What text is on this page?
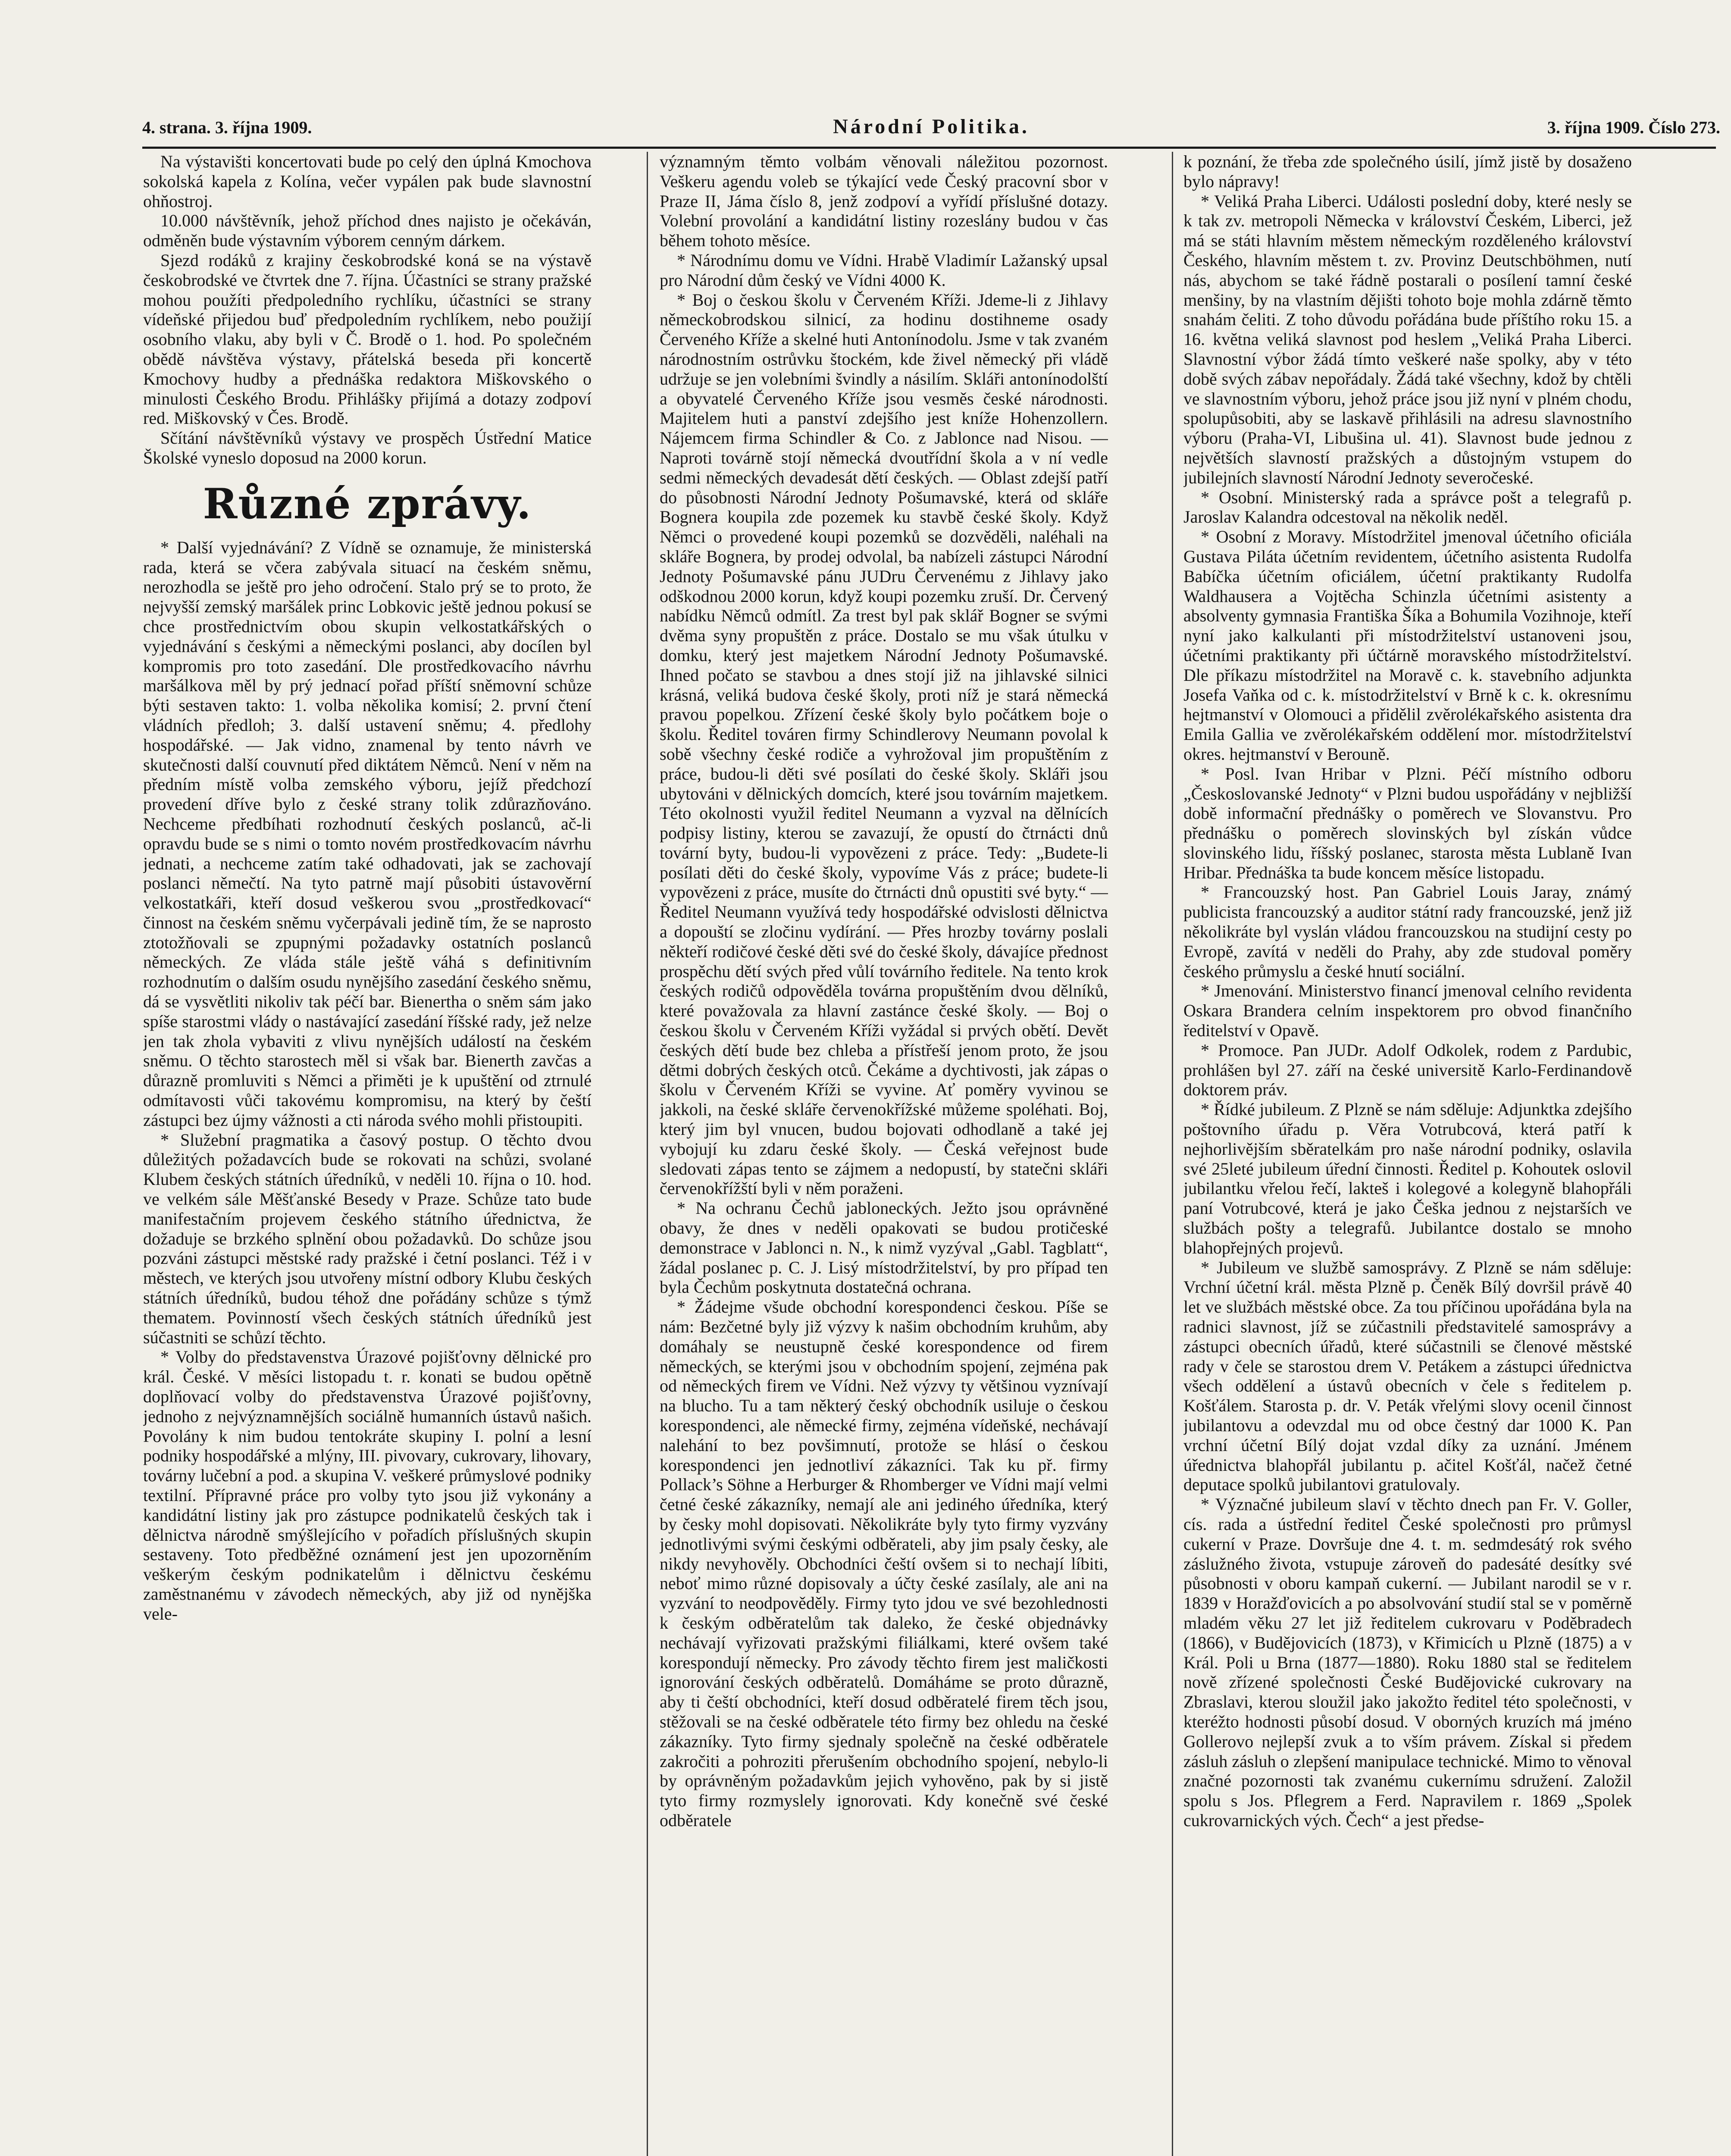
4. strana. 3. října 1909.	Národní Politika.	3. října 1909. Číslo 273.

Na výstavišti koncertovati bude po celý den úplná Kmochova sokolská kapela z Kolína, večer vypálen pak bude slavnostní ohňostroj.

10.000 návštěvník, jehož příchod dnes najisto je očekáván, odměněn bude výstavním výborem cenným dárkem.

Sjezd rodáků z krajiny českobrodské koná se na výstavě českobrodské ve čtvrtek dne 7. října. Účastníci se strany pražské mohou použíti předpoledního rychlíku, účastníci se strany vídeňské přijedou buď předpoledním rychlíkem, nebo použijí osobního vlaku, aby byli v Č. Brodě o 1. hod. Po společném obědě návštěva výstavy, přátelská beseda při koncertě Kmochovy hudby a přednáška redaktora Miškovského o minulosti Českého Brodu. Přihlášky přijímá a dotazy zodpoví red. Miškovský v Čes. Brodě.

Sčítání návštěvníků výstavy ve prospěch Ústřední Matice Školské vyneslo doposud na 2000 korun.

Různé zprávy.

* Další vyjednávání? Z Vídně se oznamuje, že ministerská rada, která se včera zabývala situací na českém sněmu, nerozhodla se ještě pro jeho odročení. Stalo prý se to proto, že nejvyšší zemský maršálek princ Lobkovic ještě jednou pokusí se chce prostřednictvím obou skupin velkostatkářských o vyjednávání s českými a německými poslanci, aby docílen byl kompromis pro toto zasedání. Dle prostředkovacího návrhu maršálkova měl by prý jednací pořad příští sněmovní schůze býti sestaven takto: 1. volba několika komisí; 2. první čtení vládních předloh; 3. další ustavení sněmu; 4. předlohy hospodářské. — Jak vidno, znamenal by tento návrh ve skutečnosti další couvnutí před diktátem Němců. Není v něm na předním místě volba zemského výboru, jejíž předchozí provedení dříve bylo z české strany tolik zdůrazňováno. Nechceme předbíhati rozhodnutí českých poslanců, ač-li opravdu bude se s nimi o tomto novém prostředkovacím návrhu jednati, a nechceme zatím také odhadovati, jak se zachovají poslanci němečtí. Na tyto patrně mají působiti ústavověrní velkostatkáři, kteří dosud veškerou svou „prostředkovací“ činnost na českém sněmu vyčerpávali jedině tím, že se naprosto ztotožňovali se zpupnými požadavky ostatních poslanců německých. Ze vláda stále ještě váhá s definitivním rozhodnutím o dalším osudu nynějšího zasedání českého sněmu, dá se vysvětliti nikoliv tak péčí bar. Bienertha o sněm sám jako spíše starostmi vlády o nastávající zasedání říšské rady, jež nelze jen tak zhola vybaviti z vlivu nynějších událostí na českém sněmu. O těchto starostech měl si však bar. Bienerth zavčas a důrazně promluviti s Němci a přiměti je k upuštění od ztrnulé odmítavosti vůči takovému kompromisu, na který by čeští zástupci bez újmy vážnosti a cti národa svého mohli přistoupiti.

* Služební pragmatika a časový postup. O těchto dvou důležitých požadavcích bude se rokovati na schůzi, svolané Klubem českých státních úředníků, v neděli 10. října o 10. hod. ve velkém sále Měšťanské Besedy v Praze. Schůze tato bude manifestačním projevem českého státního úřednictva, že dožaduje se brzkého splnění obou požadavků. Do schůze jsou pozváni zástupci městské rady pražské i četní poslanci. Též i v městech, ve kterých jsou utvořeny místní odbory Klubu českých státních úředníků, budou téhož dne pořádány schůze s týmž thematem. Povinností všech českých státních úředníků jest súčastniti se schůzí těchto.

* Volby do představenstva Úrazové pojišťovny dělnické pro král. České. V měsíci listopadu t. r. konati se budou opětně doplňovací volby do představenstva Úrazové pojišťovny, jednoho z nejvýznamnějších sociálně humanních ústavů našich. Povolány k nim budou tentokráte skupiny I. polní a lesní podniky hospodářské a mlýny, III. pivovary, cukrovary, lihovary, továrny lučební a pod. a skupina V. veškeré průmyslové podniky textilní. Přípravné práce pro volby tyto jsou již vykonány a kandidátní listiny jak pro zástupce podnikatelů českých tak i dělnictva národně smýšlejícího v pořadích příslušných skupin sestaveny. Toto předběžné oznámení jest jen upozorněním veškerým českým podnikatelům i dělnictvu českému zaměstnanému v závodech německých, aby již od nynějška vele-

významným těmto volbám věnovali náležitou pozornost. Veškeru agendu voleb se týkající vede Český pracovní sbor v Praze II, Jáma číslo 8, jenž zodpoví a vyřídí příslušné dotazy. Volební provolání a kandidátní listiny rozeslány budou v čas během tohoto měsíce.

* Národnímu domu ve Vídni. Hrabě Vladimír Lažanský upsal pro Národní dům český ve Vídni 4000 K.

* Boj o českou školu v Červeném Kříži. Jdeme-li z Jihlavy německobrodskou silnicí, za hodinu dostihneme osady Červeného Kříže a skelné huti Antonínodolu. Jsme v tak zvaném národnostním ostrůvku štockém, kde živel německý při vládě udržuje se jen volebními švindly a násilím. Skláři antonínodolští a obyvatelé Červeného Kříže jsou vesměs české národnosti. Majitelem huti a panství zdejšího jest kníže Hohenzollern. Nájemcem firma Schindler & Co. z Jablonce nad Nisou. — Naproti továrně stojí německá dvoutřídní škola a v ní vedle sedmi německých devadesát dětí českých. — Oblast zdejší patří do působnosti Národní Jednoty Pošumavské, která od skláře Bognera koupila zde pozemek ku stavbě české školy. Když Němci o provedené koupi pozemků se dozvěděli, naléhali na skláře Bognera, by prodej odvolal, ba nabízeli zástupci Národní Jednoty Pošumavské pánu JUDru Červenému z Jihlavy jako odškodnou 2000 korun, když koupi pozemku zruší. Dr. Červený nabídku Němců odmítl. Za trest byl pak sklář Bogner se svými dvěma syny propuštěn z práce. Dostalo se mu však útulku v domku, který jest majetkem Národní Jednoty Pošumavské. Ihned počato se stavbou a dnes stojí již na jihlavské silnici krásná, veliká budova české školy, proti níž je stará německá pravou popelkou. Zřízení české školy bylo počátkem boje o školu. Ředitel továren firmy Schindlerovy Neumann povolal k sobě všechny české rodiče a vyhrožoval jim propuštěním z práce, budou-li děti své posílati do české školy. Skláři jsou ubytováni v dělnických domcích, které jsou továrním majetkem. Této okolnosti využil ředitel Neumann a vyzval na dělnících podpisy listiny, kterou se zavazují, že opustí do čtrnácti dnů tovární byty, budou-li vypovězeni z práce. Tedy: „Budete-li posílati děti do české školy, vypovíme Vás z práce; budete-li vypovězeni z práce, musíte do čtrnácti dnů opustiti své byty.“ — Ředitel Neumann využívá tedy hospodářské odvislosti dělnictva a dopouští se zločinu vydírání. — Přes hrozby továrny poslali někteří rodičové české děti své do české školy, dávajíce přednost prospěchu dětí svých před vůlí továrního ředitele. Na tento krok českých rodičů odpověděla továrna propuštěním dvou dělníků, které považovala za hlavní zastánce české školy. — Boj o českou školu v Červeném Kříži vyžádal si prvých obětí. Devět českých dětí bude bez chleba a přístřeší jenom proto, že jsou dětmi dobrých českých otců. Čekáme a dychtivosti, jak zápas o školu v Červeném Kříži se vyvine. Ať poměry vyvinou se jakkoli, na české skláře červenokřížské můžeme spoléhati. Boj, který jim byl vnucen, budou bojovati odhodlaně a také jej vybojují ku zdaru české školy. — Česká veřejnost bude sledovati zápas tento se zájmem a nedopustí, by statečni skláři červenokřížští byli v něm poraženi.

* Na ochranu Čechů jabloneckých. Ježto jsou oprávněné obavy, že dnes v neděli opakovati se budou protičeské demonstrace v Jablonci n. N., k nimž vyzýval „Gabl. Tagblatt“, žádal poslanec p. C. J. Lisý místodržitelství, by pro případ ten byla Čechům poskytnuta dostatečná ochrana.

* Žádejme všude obchodní korespondenci českou. Píše se nám: Bezčetné byly již výzvy k našim obchodním kruhům, aby domáhaly se neustupně české korespondence od firem německých, se kterými jsou v obchodním spojení, zejména pak od německých firem ve Vídni. Než výzvy ty většinou vyznívají na blucho. Tu a tam některý český obchodník usiluje o českou korespondenci, ale německé firmy, zejména vídeňské, nechávají nalehání to bez povšimnutí, protože se hlásí o českou korespondenci jen jednotliví zákazníci. Tak ku př. firmy Pollack’s Söhne a Herburger & Rhomberger ve Vídni mají velmi četné české zákazníky, nemají ale ani jediného úředníka, který by česky mohl dopisovati. Několikráte byly tyto firmy vyzvány jednotlivými svými českými odběrateli, aby jim psaly česky, ale nikdy nevyhověly. Obchodníci čeští ovšem si to nechají líbiti, neboť mimo různé dopisovaly a účty české zasílaly, ale ani na vyzvání to neodpověděly. Firmy tyto jdou ve své bezohlednosti k českým odběratelům tak daleko, že české objednávky nechávají vyřizovati pražskými filiálkami, které ovšem také korespondují německy. Pro závody těchto firem jest maličkosti ignorování českých odběratelů. Domáháme se proto důrazně, aby ti čeští obchodníci, kteří dosud odběratelé firem těch jsou, stěžovali se na české odběratele této firmy bez ohledu na české zákazníky. Tyto firmy sjednaly společně na české odběratele zakročiti a pohroziti přerušením obchodního spojení, nebylo-li by oprávněným požadavkům jejich vyhověno, pak by si jistě tyto firmy rozmyslely ignorovati. Kdy konečně své české odběratele

k poznání, že třeba zde společného úsilí, jímž jistě by dosaženo bylo nápravy!

* Veliká Praha Liberci. Události poslední doby, které nesly se k tak zv. metropoli Německa v království Českém, Liberci, jež má se státi hlavním městem německým rozděleného království Českého, hlavním městem t. zv. Provinz Deutschböhmen, nutí nás, abychom se také řádně postarali o posílení tamní české menšiny, by na vlastním dějišti tohoto boje mohla zdárně těmto snahám čeliti. Z toho důvodu pořádána bude příštího roku 15. a 16. května veliká slavnost pod heslem „Veliká Praha Liberci. Slavnostní výbor žádá tímto veškeré naše spolky, aby v této době svých zábav nepořádaly. Žádá také všechny, kdož by chtěli ve slavnostním výboru, jehož práce jsou již nyní v plném chodu, spolupůsobiti, aby se laskavě přihlásili na adresu slavnostního výboru (Praha-VI, Libušina ul. 41). Slavnost bude jednou z největších slavností pražských a důstojným vstupem do jubilejních slavností Národní Jednoty severočeské.

* Osobní. Ministerský rada a správce pošt a telegrafů p. Jaroslav Kalandra odcestoval na několik neděl.

* Osobní z Moravy. Místodržitel jmenoval účetního oficiála Gustava Piláta účetním revidentem, účetního asistenta Rudolfa Babíčka účetním oficiálem, účetní praktikanty Rudolfa Waldhausera a Vojtěcha Schinzla účetními asistenty a absolventy gymnasia Františka Šíka a Bohumila Vozihnoje, kteří nyní jako kalkulanti při místodržitelství ustanoveni jsou, účetními praktikanty při účtárně moravského místodržitelství. Dle příkazu místodržitel na Moravě c. k. stavebního adjunkta Josefa Vaňka od c. k. místodržitelství v Brně k c. k. okresnímu hejtmanství v Olomouci a přidělil zvěrolékařského asistenta dra Emila Gallia ve zvěrolékařském oddělení mor. místodržitelství okres. hejtmanství v Berouně.

* Posl. Ivan Hribar v Plzni. Péčí místního odboru „Českoslovanské Jednoty“ v Plzni budou uspořádány v nejbližší době informační přednášky o poměrech ve Slovanstvu. Pro přednášku o poměrech slovinských byl získán vůdce slovinského lidu, říšský poslanec, starosta města Lublaně Ivan Hribar. Přednáška ta bude koncem měsíce listopadu.

* Francouzský host. Pan Gabriel Louis Jaray, známý publicista francouzský a auditor státní rady francouzské, jenž již několikráte byl vyslán vládou francouzskou na studijní cesty po Evropě, zavítá v neděli do Prahy, aby zde studoval poměry českého průmyslu a české hnutí sociální.

* Jmenování. Ministerstvo financí jmenoval celního revidenta Oskara Brandera celním inspektorem pro obvod finančního ředitelství v Opavě.

* Promoce. Pan JUDr. Adolf Odkolek, rodem z Pardubic, prohlášen byl 27. září na české universitě Karlo-Ferdinandově doktorem práv.

* Řídké jubileum. Z Plzně se nám sděluje: Adjunktka zdejšího poštovního úřadu p. Věra Votrubcová, která patří k nejhorlivějším sběratelkám pro naše národní podniky, oslavila své 25leté jubileum úřední činnosti. Ředitel p. Kohoutek oslovil jubilantku vřelou řečí, lakteš i kolegové a kolegyně blahopřáli paní Votrubcové, která je jako Češka jednou z nejstarších ve službách pošty a telegrafů. Jubilantce dostalo se mnoho blahopřejných projevů.

* Jubileum ve službě samosprávy. Z Plzně se nám sděluje: Vrchní účetní král. města Plzně p. Čeněk Bílý dovršil právě 40 let ve službách městské obce. Za tou příčinou upořádána byla na radnici slavnost, jíž se zúčastnili představitelé samosprávy a zástupci obecních úřadů, které súčastnili se členové městské rady v čele se starostou drem V. Petákem a zástupci úřednictva všech oddělení a ústavů obecních v čele s ředitelem p. Košťálem. Starosta p. dr. V. Peták vřelými slovy ocenil činnost jubilantovu a odevzdal mu od obce čestný dar 1000 K. Pan vrchní účetní Bílý dojat vzdal díky za uznání. Jménem úřednictva blahopřál jubilantu p. ačitel Košťál, načež četné deputace spolků jubilantovi gratulovaly.

* Význačné jubileum slaví v těchto dnech pan Fr. V. Goller, cís. rada a ústřední ředitel České společnosti pro průmysl cukerní v Praze. Dovršuje dne 4. t. m. sedmdesátý rok svého záslužného života, vstupuje zároveň do padesáté desítky své působnosti v oboru kampaň cukerní. — Jubilant narodil se v r. 1839 v Horažďovicích a po absolvování studií stal se v poměrně mladém věku 27 let již ředitelem cukrovaru v Poděbradech (1866), v Budějovicích (1873), v Křimicích u Plzně (1875) a v Král. Poli u Brna (1877—1880). Roku 1880 stal se ředitelem nově zřízené společnosti České Budějovické cukrovary na Zbraslavi, kterou sloužil jako jakožto ředitel této společnosti, v kteréžto hodnosti působí dosud. V oborných kruzích má jméno Gollerovo nejlepší zvuk a to vším právem. Získal si předem zásluh zásluh o zlepšení manipulace technické. Mimo to věnoval značné pozornosti tak zvanému cukernímu sdružení. Založil spolu s Jos. Pflegrem a Ferd. Napravilem r. 1869 „Spolek cukrovarnických vých. Čech“ a jest předse-
